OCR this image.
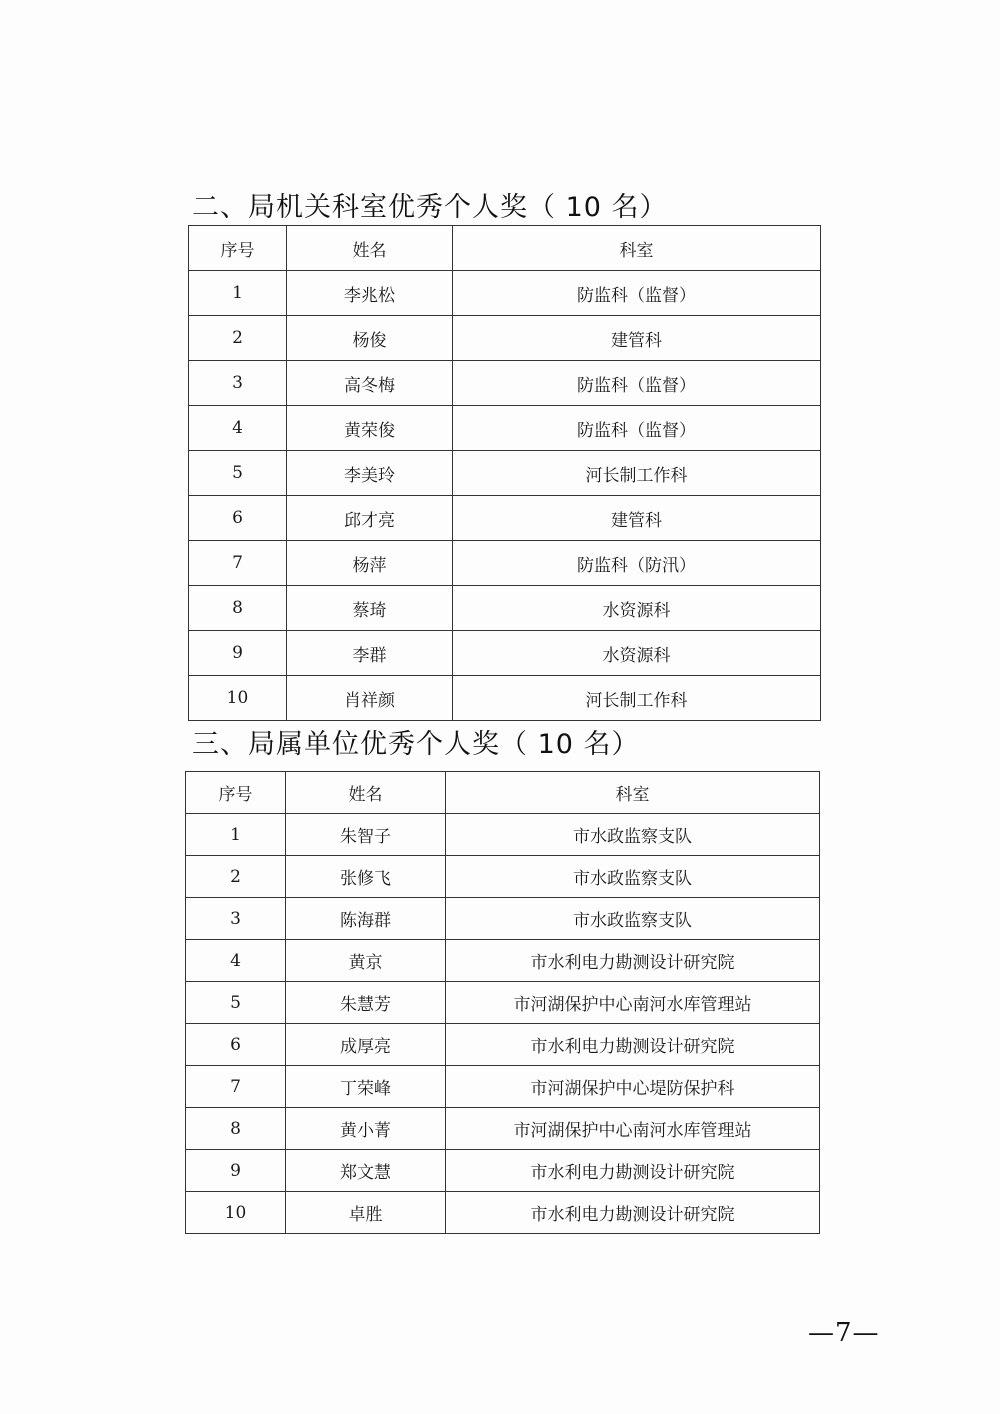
二、局机关科室优秀个人奖（ 10 名）
序号	姓名	科室
1	李兆松	防监科（监督）
2	杨俊	建管科
3	高冬梅	防监科（监督）
4	黄荣俊	防监科（监督）
5	李美玲	河长制工作科
6	邱才亮	建管科
7	杨萍	防监科（防汛）
8	蔡琦	水资源科
9	李群	水资源科
10	肖祥颜	河长制工作科
三、局属单位优秀个人奖（ 10 名）
序号	姓名	科室
1	朱智子	市水政监察支队
2	张修飞	市水政监察支队
3	陈海群	市水政监察支队
4	黄京	市水利电力勘测设计研究院
5	朱慧芳	市河湖保护中心南河水库管理站
6	成厚亮	市水利电力勘测设计研究院
7	丁荣峰	市河湖保护中心堤防保护科
8	黄小菁	市河湖保护中心南河水库管理站
9	郑文慧	市水利电力勘测设计研究院
10	卓胜	市水利电力勘测设计研究院
—7—
